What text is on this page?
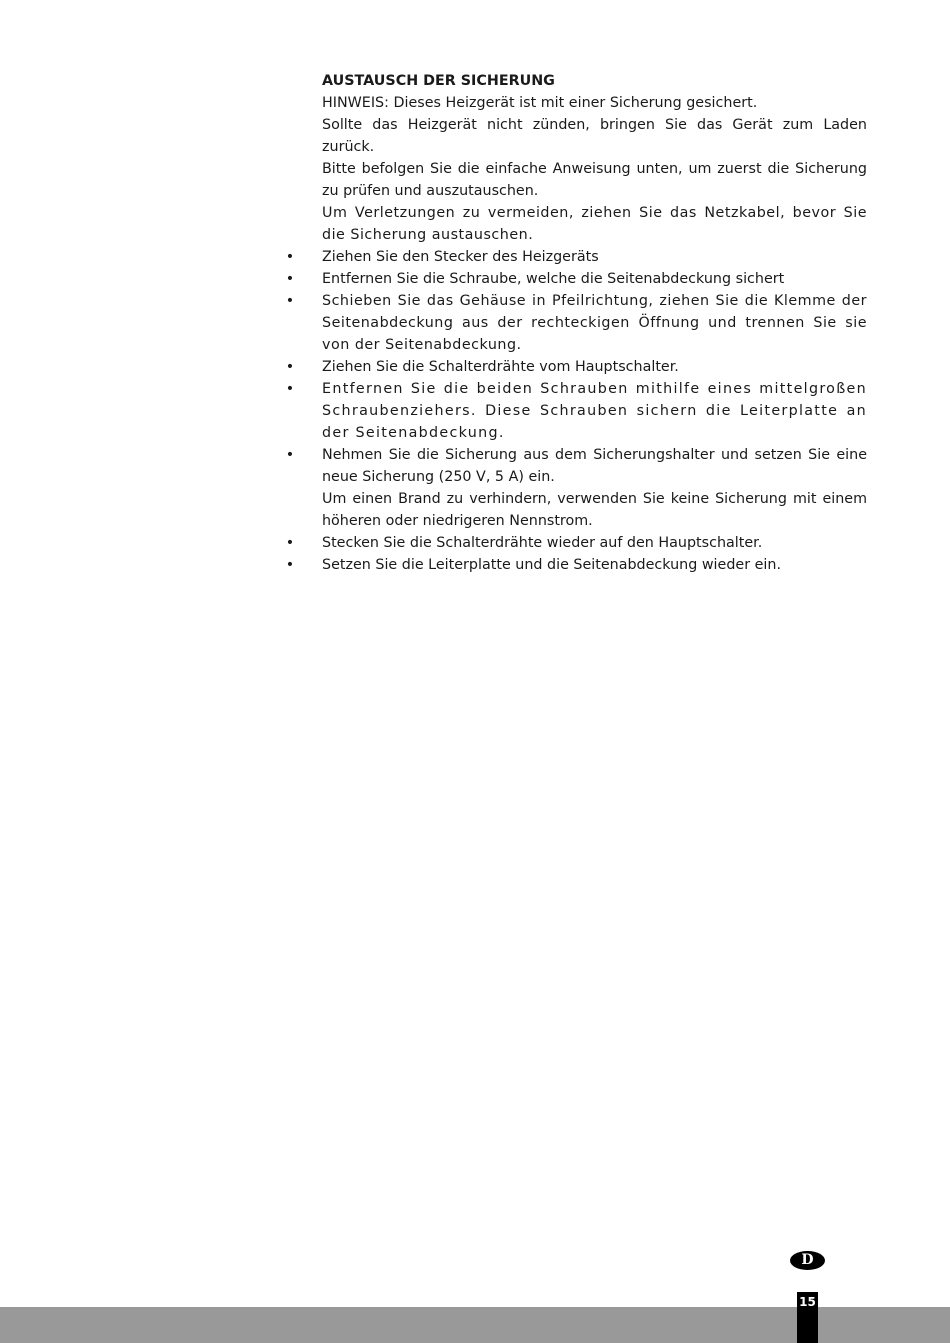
AUSTAUSCH DER SICHERUNG

HINWEIS: Dieses Heizgerät ist mit einer Sicherung gesichert.

Sollte das Heizgerät nicht zünden, bringen Sie das Gerät zum Laden zurück.

Bitte befolgen Sie die einfache Anweisung unten, um zuerst die Sicherung zu prüfen und auszutauschen.

Um Verletzungen zu vermeiden, ziehen Sie das Netzkabel, bevor Sie die Sicherung austauschen.

• Ziehen Sie den Stecker des Heizgeräts
• Entfernen Sie die Schraube, welche die Seitenabdeckung sichert
• Schieben Sie das Gehäuse in Pfeilrichtung, ziehen Sie die Klemme der Seitenabdeckung aus der rechteckigen Öffnung und trennen Sie sie von der Seitenabdeckung.
• Ziehen Sie die Schalterdrähte vom Hauptschalter.
• Entfernen Sie die beiden Schrauben mithilfe eines mittelgroßen Schraubenziehers. Diese Schrauben sichern die Leiterplatte an der Seitenabdeckung.
• Nehmen Sie die Sicherung aus dem Sicherungshalter und setzen Sie eine neue Sicherung (250 V, 5 A) ein.
Um einen Brand zu verhindern, verwenden Sie keine Sicherung mit einem höheren oder niedrigeren Nennstrom.
• Stecken Sie die Schalterdrähte wieder auf den Hauptschalter.
• Setzen Sie die Leiterplatte und die Seitenabdeckung wieder ein.
D
15
